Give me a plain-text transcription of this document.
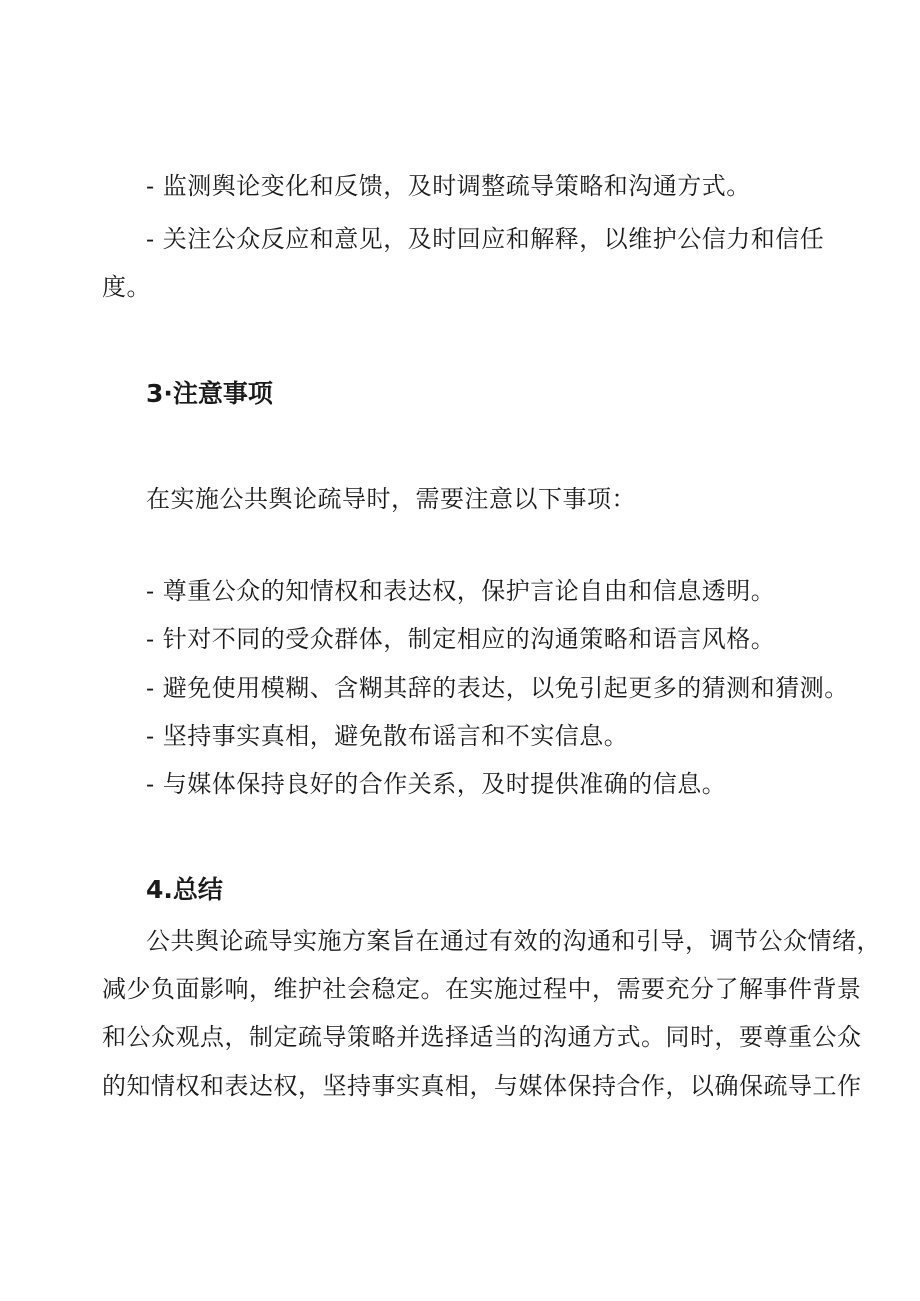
- 监测舆论变化和反馈，及时调整疏导策略和沟通方式。
- 关注公众反应和意见，及时回应和解释，以维护公信力和信任
度。
3·注意事项
在实施公共舆论疏导时，需要注意以下事项：
- 尊重公众的知情权和表达权，保护言论自由和信息透明。
- 针对不同的受众群体，制定相应的沟通策略和语言风格。
- 避免使用模糊、含糊其辞的表达，以免引起更多的猜测和猜测。
- 坚持事实真相，避免散布谣言和不实信息。
- 与媒体保持良好的合作关系，及时提供准确的信息。
4.总结
公共舆论疏导实施方案旨在通过有效的沟通和引导，调节公众情绪，
减少负面影响，维护社会稳定。在实施过程中，需要充分了解事件背景
和公众观点，制定疏导策略并选择适当的沟通方式。同时，要尊重公众
的知情权和表达权，坚持事实真相，与媒体保持合作，以确保疏导工作
